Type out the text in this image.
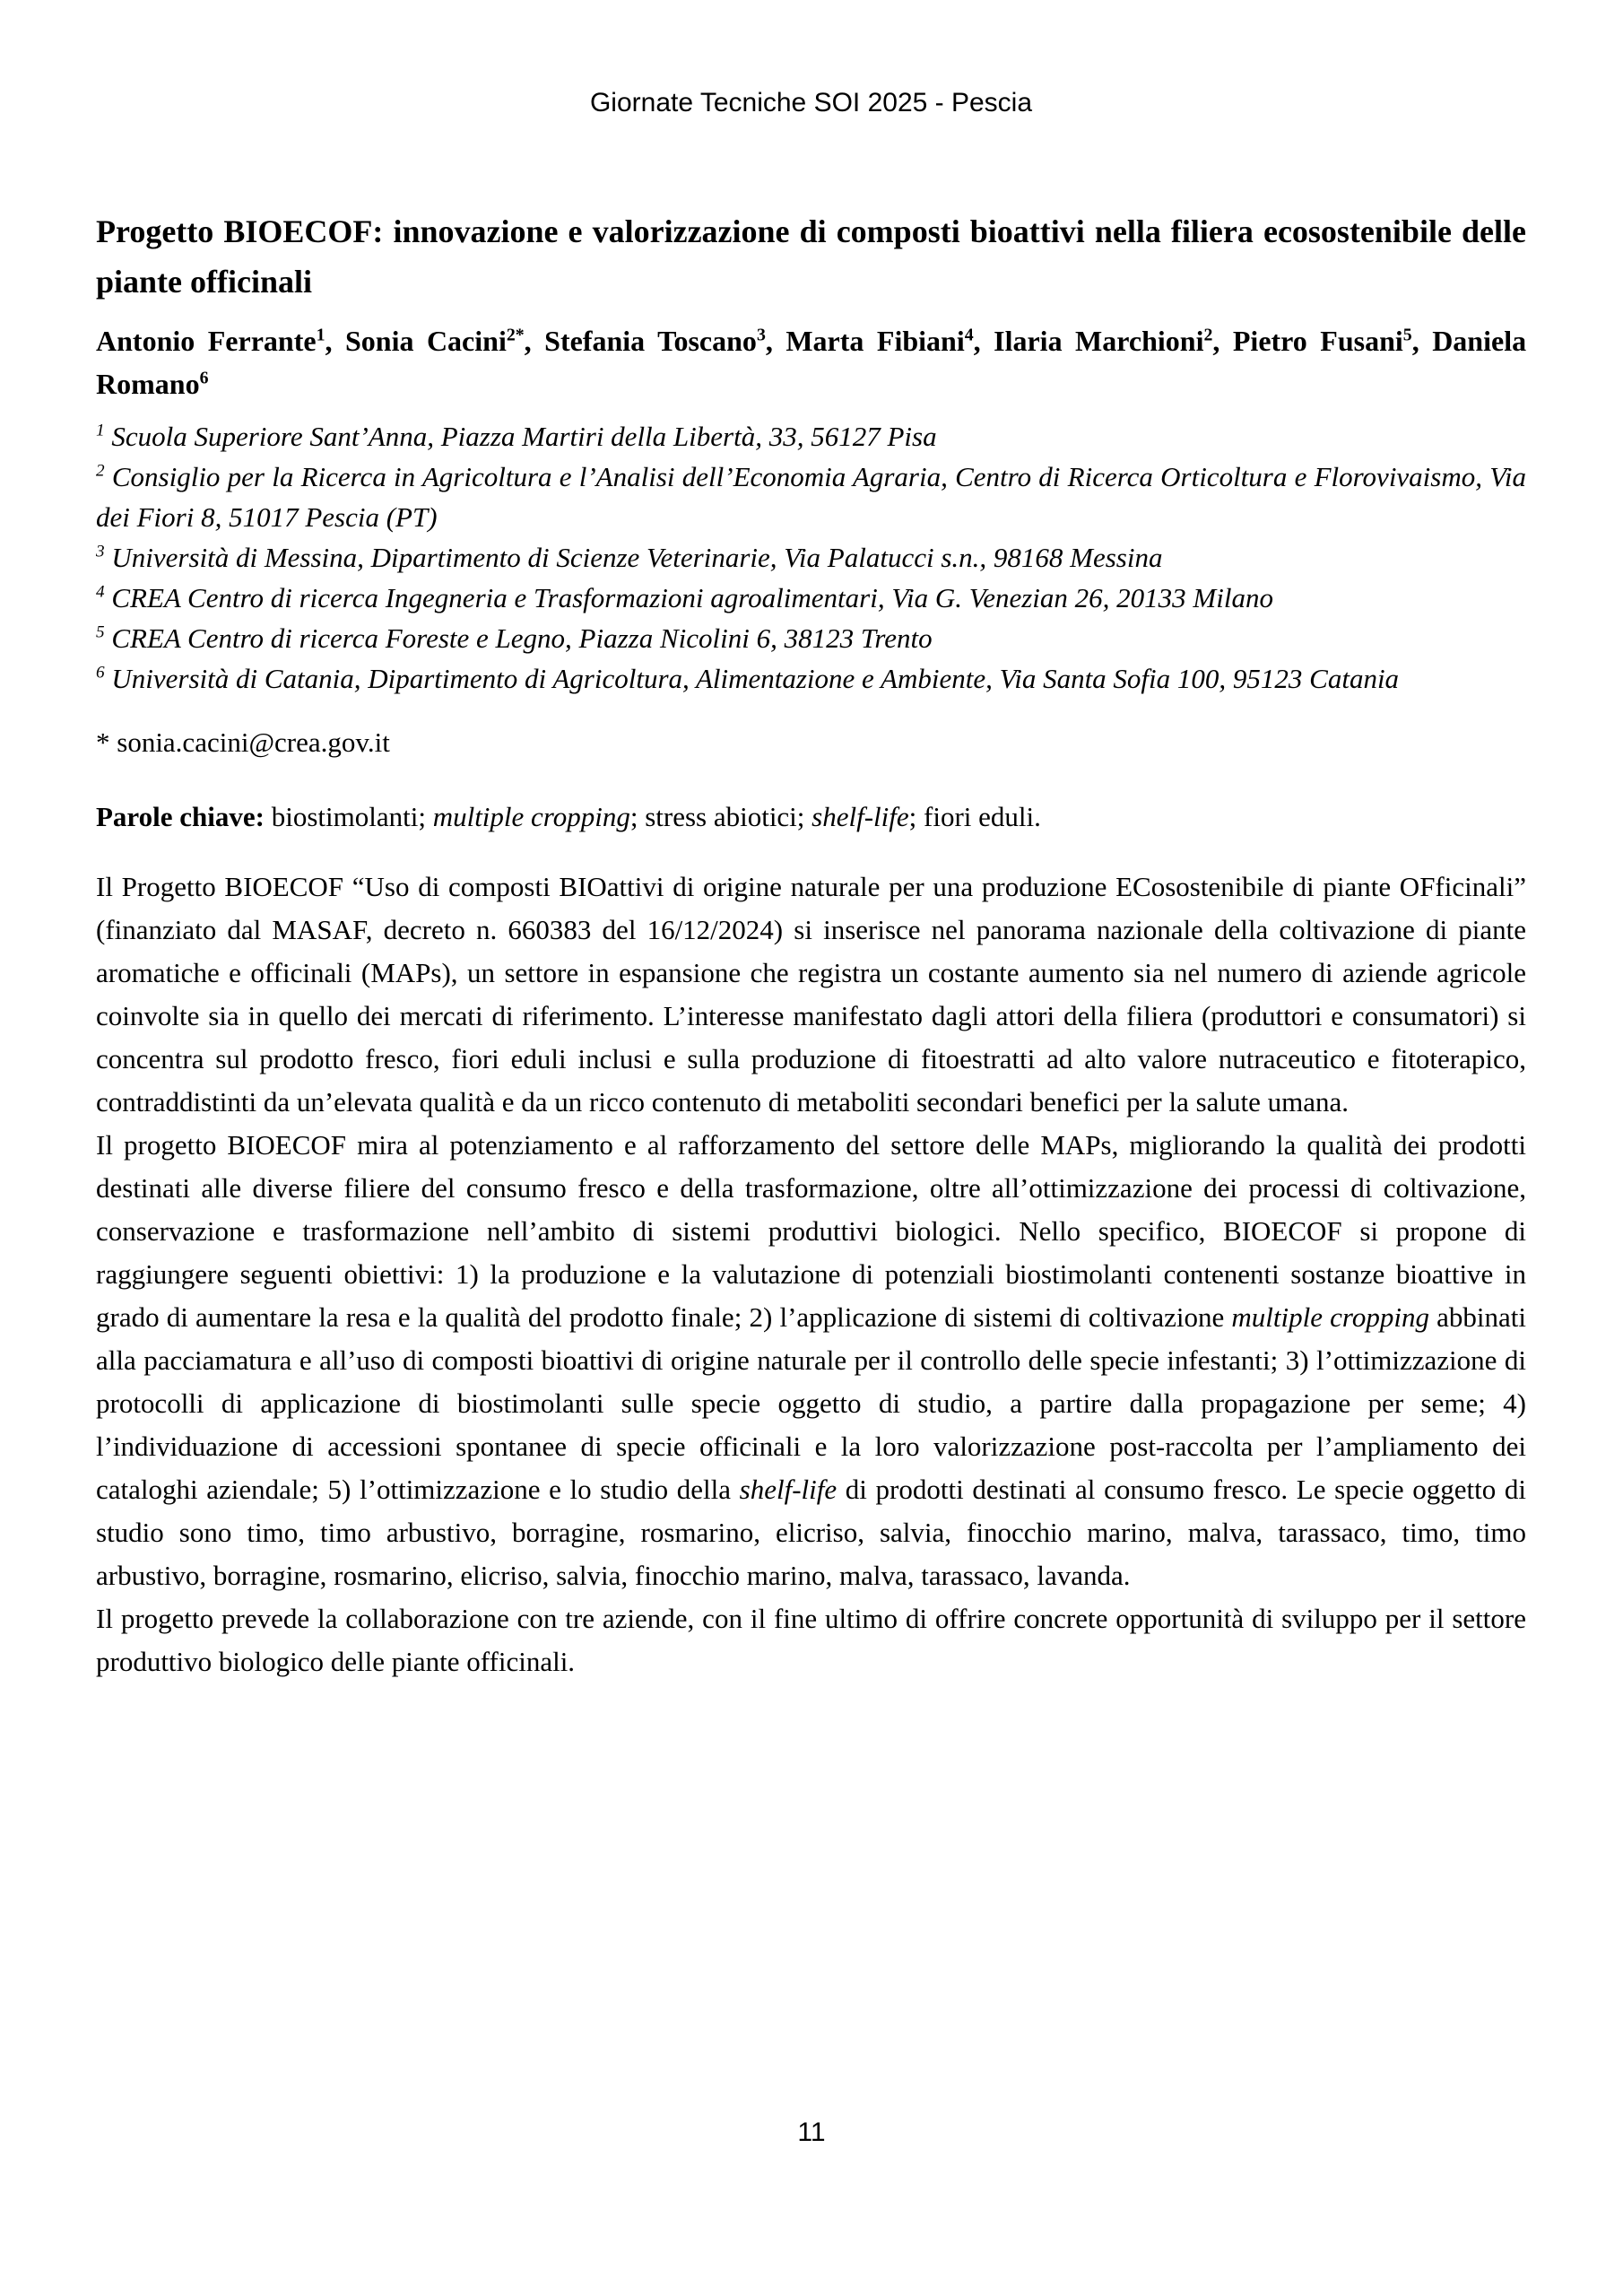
Giornate Tecniche SOI 2025 - Pescia
Progetto BIOECOF: innovazione e valorizzazione di composti bioattivi nella filiera ecosostenibile delle piante officinali

Antonio Ferrante$^1$, Sonia Cacini$^{2*}$, Stefania Toscano$^3$, Marta Fibiani$^4$, Ilaria Marchioni$^2$, Pietro Fusani$^5$, Daniela Romano$^6$

$^1$ Scuola Superiore Sant’Anna, Piazza Martiri della Libertà, 33, 56127 Pisa

$^2$ Consiglio per la Ricerca in Agricoltura e l’Analisi dell’Economia Agraria, Centro di Ricerca Orticoltura e Florovivaismo, Via dei Fiori 8, 51017 Pescia (PT)

$^3$ Università di Messina, Dipartimento di Scienze Veterinarie, Via Palatucci s.n., 98168 Messina

$^4$ CREA Centro di ricerca Ingegneria e Trasformazioni agroalimentari, Via G. Venezian 26, 20133 Milano

$^5$ CREA Centro di ricerca Foreste e Legno, Piazza Nicolini 6, 38123 Trento

$^6$ Università di Catania, Dipartimento di Agricoltura, Alimentazione e Ambiente, Via Santa Sofia 100, 95123 Catania

* sonia.cacini@crea.gov.it

Parole chiave: biostimolanti; multiple cropping; stress abiotici; shelf-life; fiori eduli.

Il Progetto BIOECOF “Uso di composti BIOattivi di origine naturale per una produzione ECosostenibile di piante OFficinali” (finanziato dal MASAF, decreto n. 660383 del 16/12/2024) si inserisce nel panorama nazionale della coltivazione di piante aromatiche e officinali (MAPs), un settore in espansione che registra un costante aumento sia nel numero di aziende agricole coinvolte sia in quello dei mercati di riferimento. L’interesse manifestato dagli attori della filiera (produttori e consumatori) si concentra sul prodotto fresco, fiori eduli inclusi e sulla produzione di fitoestratti ad alto valore nutraceutico e fitoterapico, contraddistinti da un’elevata qualità e da un ricco contenuto di metaboliti secondari benefici per la salute umana.

Il progetto BIOECOF mira al potenziamento e al rafforzamento del settore delle MAPs, migliorando la qualità dei prodotti destinati alle diverse filiere del consumo fresco e della trasformazione, oltre all’ottimizzazione dei processi di coltivazione, conservazione e trasformazione nell’ambito di sistemi produttivi biologici. Nello specifico, BIOECOF si propone di raggiungere seguenti obiettivi: 1) la produzione e la valutazione di potenziali biostimolanti contenenti sostanze bioattive in grado di aumentare la resa e la qualità del prodotto finale; 2) l’applicazione di sistemi di coltivazione multiple cropping abbinati alla pacciamatura e all’uso di composti bioattivi di origine naturale per il controllo delle specie infestanti; 3) l’ottimizzazione di protocolli di applicazione di biostimolanti sulle specie oggetto di studio, a partire dalla propagazione per seme; 4) l’individuazione di accessioni spontanee di specie officinali e la loro valorizzazione post-raccolta per l’ampliamento dei cataloghi aziendale; 5) l’ottimizzazione e lo studio della shelf-life di prodotti destinati al consumo fresco. Le specie oggetto di studio sono timo, timo arbustivo, borragine, rosmarino, elicriso, salvia, finocchio marino, malva, tarassaco, timo, timo arbustivo, borragine, rosmarino, elicriso, salvia, finocchio marino, malva, tarassaco, lavanda.

Il progetto prevede la collaborazione con tre aziende, con il fine ultimo di offrire concrete opportunità di sviluppo per il settore produttivo biologico delle piante officinali.

11
